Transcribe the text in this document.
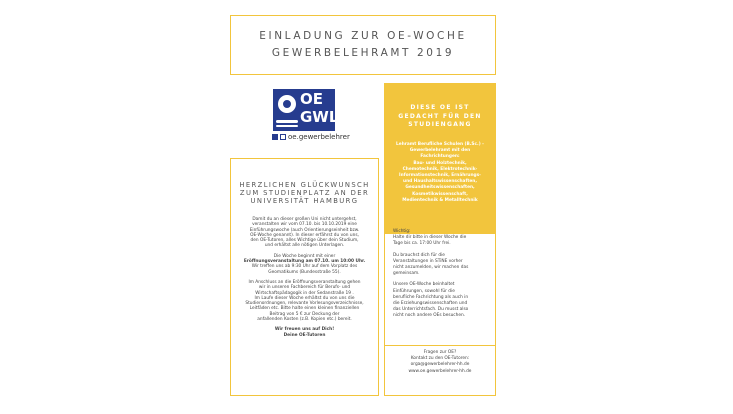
EINLADUNG ZUR OE-WOCHE
GEWERBELEHRAMT 2019
OE
GWL
oe.gewerbelehrer
DIESE OE IST
GEDACHT FÜR DEN
STUDIENGANG
Lehramt Berufliche Schulen (B.Sc.) -
Gewerbelehramt mit den
Fachrichtungen:
Bau- und Holztechnik,
Chemotechnik, Elektrotechnik-
Informationstechnik, Ernährungs-
und Haushaltswissenschaften,
Gesundheitswissenschaften,
Kosmetikwissenschaft,
Medientechnik & Metalltechnik
Wichtig:
Halte dir bitte in dieser Woche die
Tage bis ca. 17:00 Uhr frei.
Du brauchst dich für die
Veranstaltungen in STiNE vorher
nicht anzumelden, wir machen das
gemeinsam.
Unsere OE-Woche beinhaltet
Einführungen, sowohl für die
berufliche Fachrichtung als auch in
die Erziehungswissenschaften und
das Unterrichtsfach. Du musst also
nicht noch andere OEs besuchen.
Fragen zur OE?
Kontakt zu den OE-Tutoren:
orga@gewerbelehrer-hh.de
www.oe.gewerbelehrer-hh.de
HERZLICHEN GLÜCKWUNSCH
ZUM STUDIENPLATZ AN DER
UNIVERSITÄT HAMBURG
Damit du an dieser großen Uni nicht untergehst,
veranstalten wir vom 07.10. bis 10.10.2019 eine
Einführungswoche (auch Orientierungseinheit bzw.
OE-Woche genannt). In dieser erfährst du von uns,
den OE-Tutoren, alles Wichtige über dein Studium,
und erhältst alle nötigen Unterlagen.
Die Woche beginnt mit einer
Eröffnungsveranstaltung am 07.10. um 10:00 Uhr.
Wir treffen uns ab 9:30 Uhr auf dem Vorplatz des
Geomatikums (Bundesstraße 55).
Im Anschluss an die Eröffnungsveranstaltung gehen
wir in unseren Fachbereich für Berufs- und
Wirtschaftspädagogik in der Sedanstraße 19 .
Im Laufe dieser Woche erhältst du von uns die
Studienordnungen, relevante Vorlesungsverzeichnisse,
Leitfäden etc. Bitte halte einen kleinen finanziellen
Beitrag von 5 € zur Deckung der
anfallenden Kosten (z.B. Kopien etc.) bereit.
Wir freuen uns auf Dich!
Deine OE-Tutoren
